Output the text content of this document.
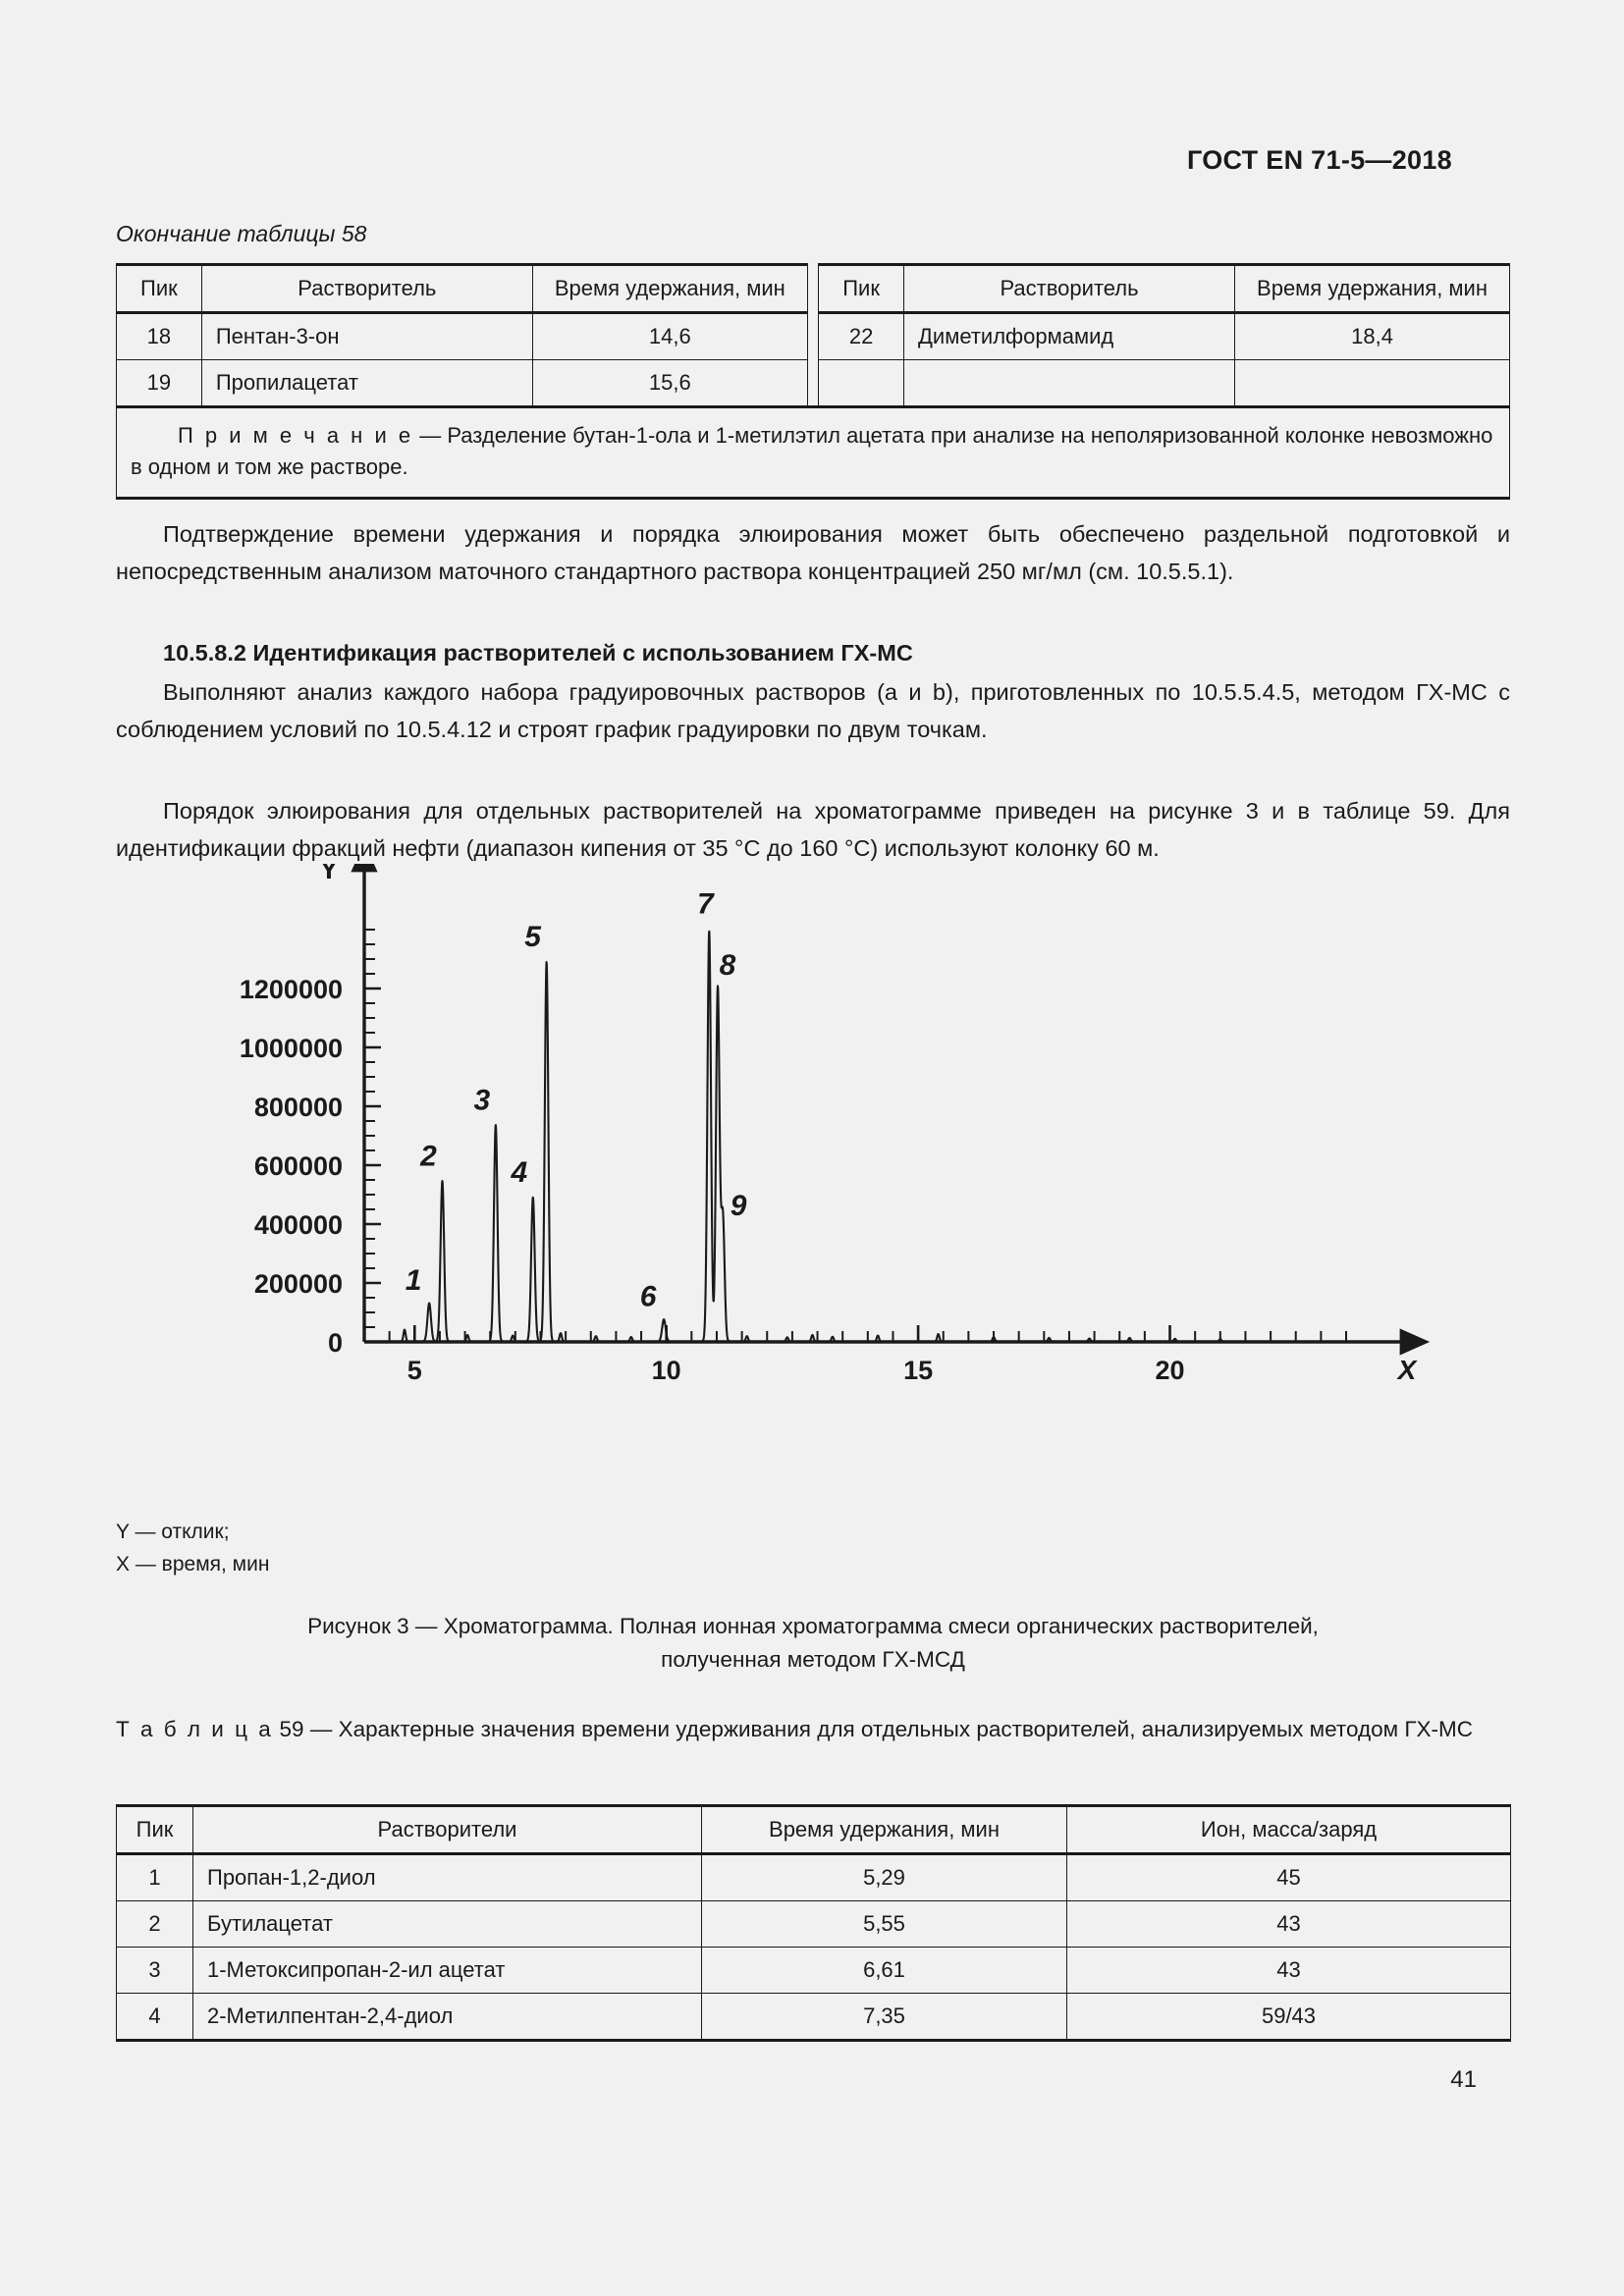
ГОСТ EN 71-5—2018
Окончание таблицы 58
Пик	Растворитель	Время удержания, мин		Пик	Растворитель	Время удержания, мин
18	Пентан-3-он	14,6		22	Диметилформамид	18,4
19	Пропилацетат	15,6				
П р и м е ч а н и е — Разделение бутан-1-ола и 1-метилэтил ацетата при анализе на неполяризованной колонке невозможно в одном и том же растворе.						
Подтверждение времени удержания и порядка элюирования может быть обеспечено раздельной подготовкой и непосредственным анализом маточного стандартного раствора концентрацией 250 мг/мл (см. 10.5.5.1).
10.5.8.2 Идентификация растворителей с использованием ГХ-МС
Выполняют анализ каждого набора градуировочных растворов (a и b), приготовленных по 10.5.5.4.5, методом ГХ-МС с соблюдением условий по 10.5.4.12 и строят график градуировки по двум точкам.
Порядок элюирования для отдельных растворителей на хроматограмме приведен на рисунке 3 и в таблице 59. Для идентификации фракций нефти (диапазон кипения от 35 °C до 160 °C) используют колонку 60 м.
5	10	15	20
0
200000
400000
600000
800000
1000000
1200000
Y
X
1
2
3
4
5
6
7
8
9
Y — отклик;
X — время, мин
Рисунок 3 — Хроматограмма. Полная ионная хроматограмма смеси органических растворителей,
полученная методом ГХ-МСД
Т а б л и ц а 59 — Характерные значения времени удерживания для отдельных растворителей, анализируемых методом ГХ-МС
Пик	Растворители	Время удержания, мин	Ион, масса/заряд
1	Пропан-1,2-диол	5,29	45
2	Бутилацетат	5,55	43
3	1-Метоксипропан-2-ил ацетат	6,61	43
4	2-Метилпентан-2,4-диол	7,35	59/43
41
